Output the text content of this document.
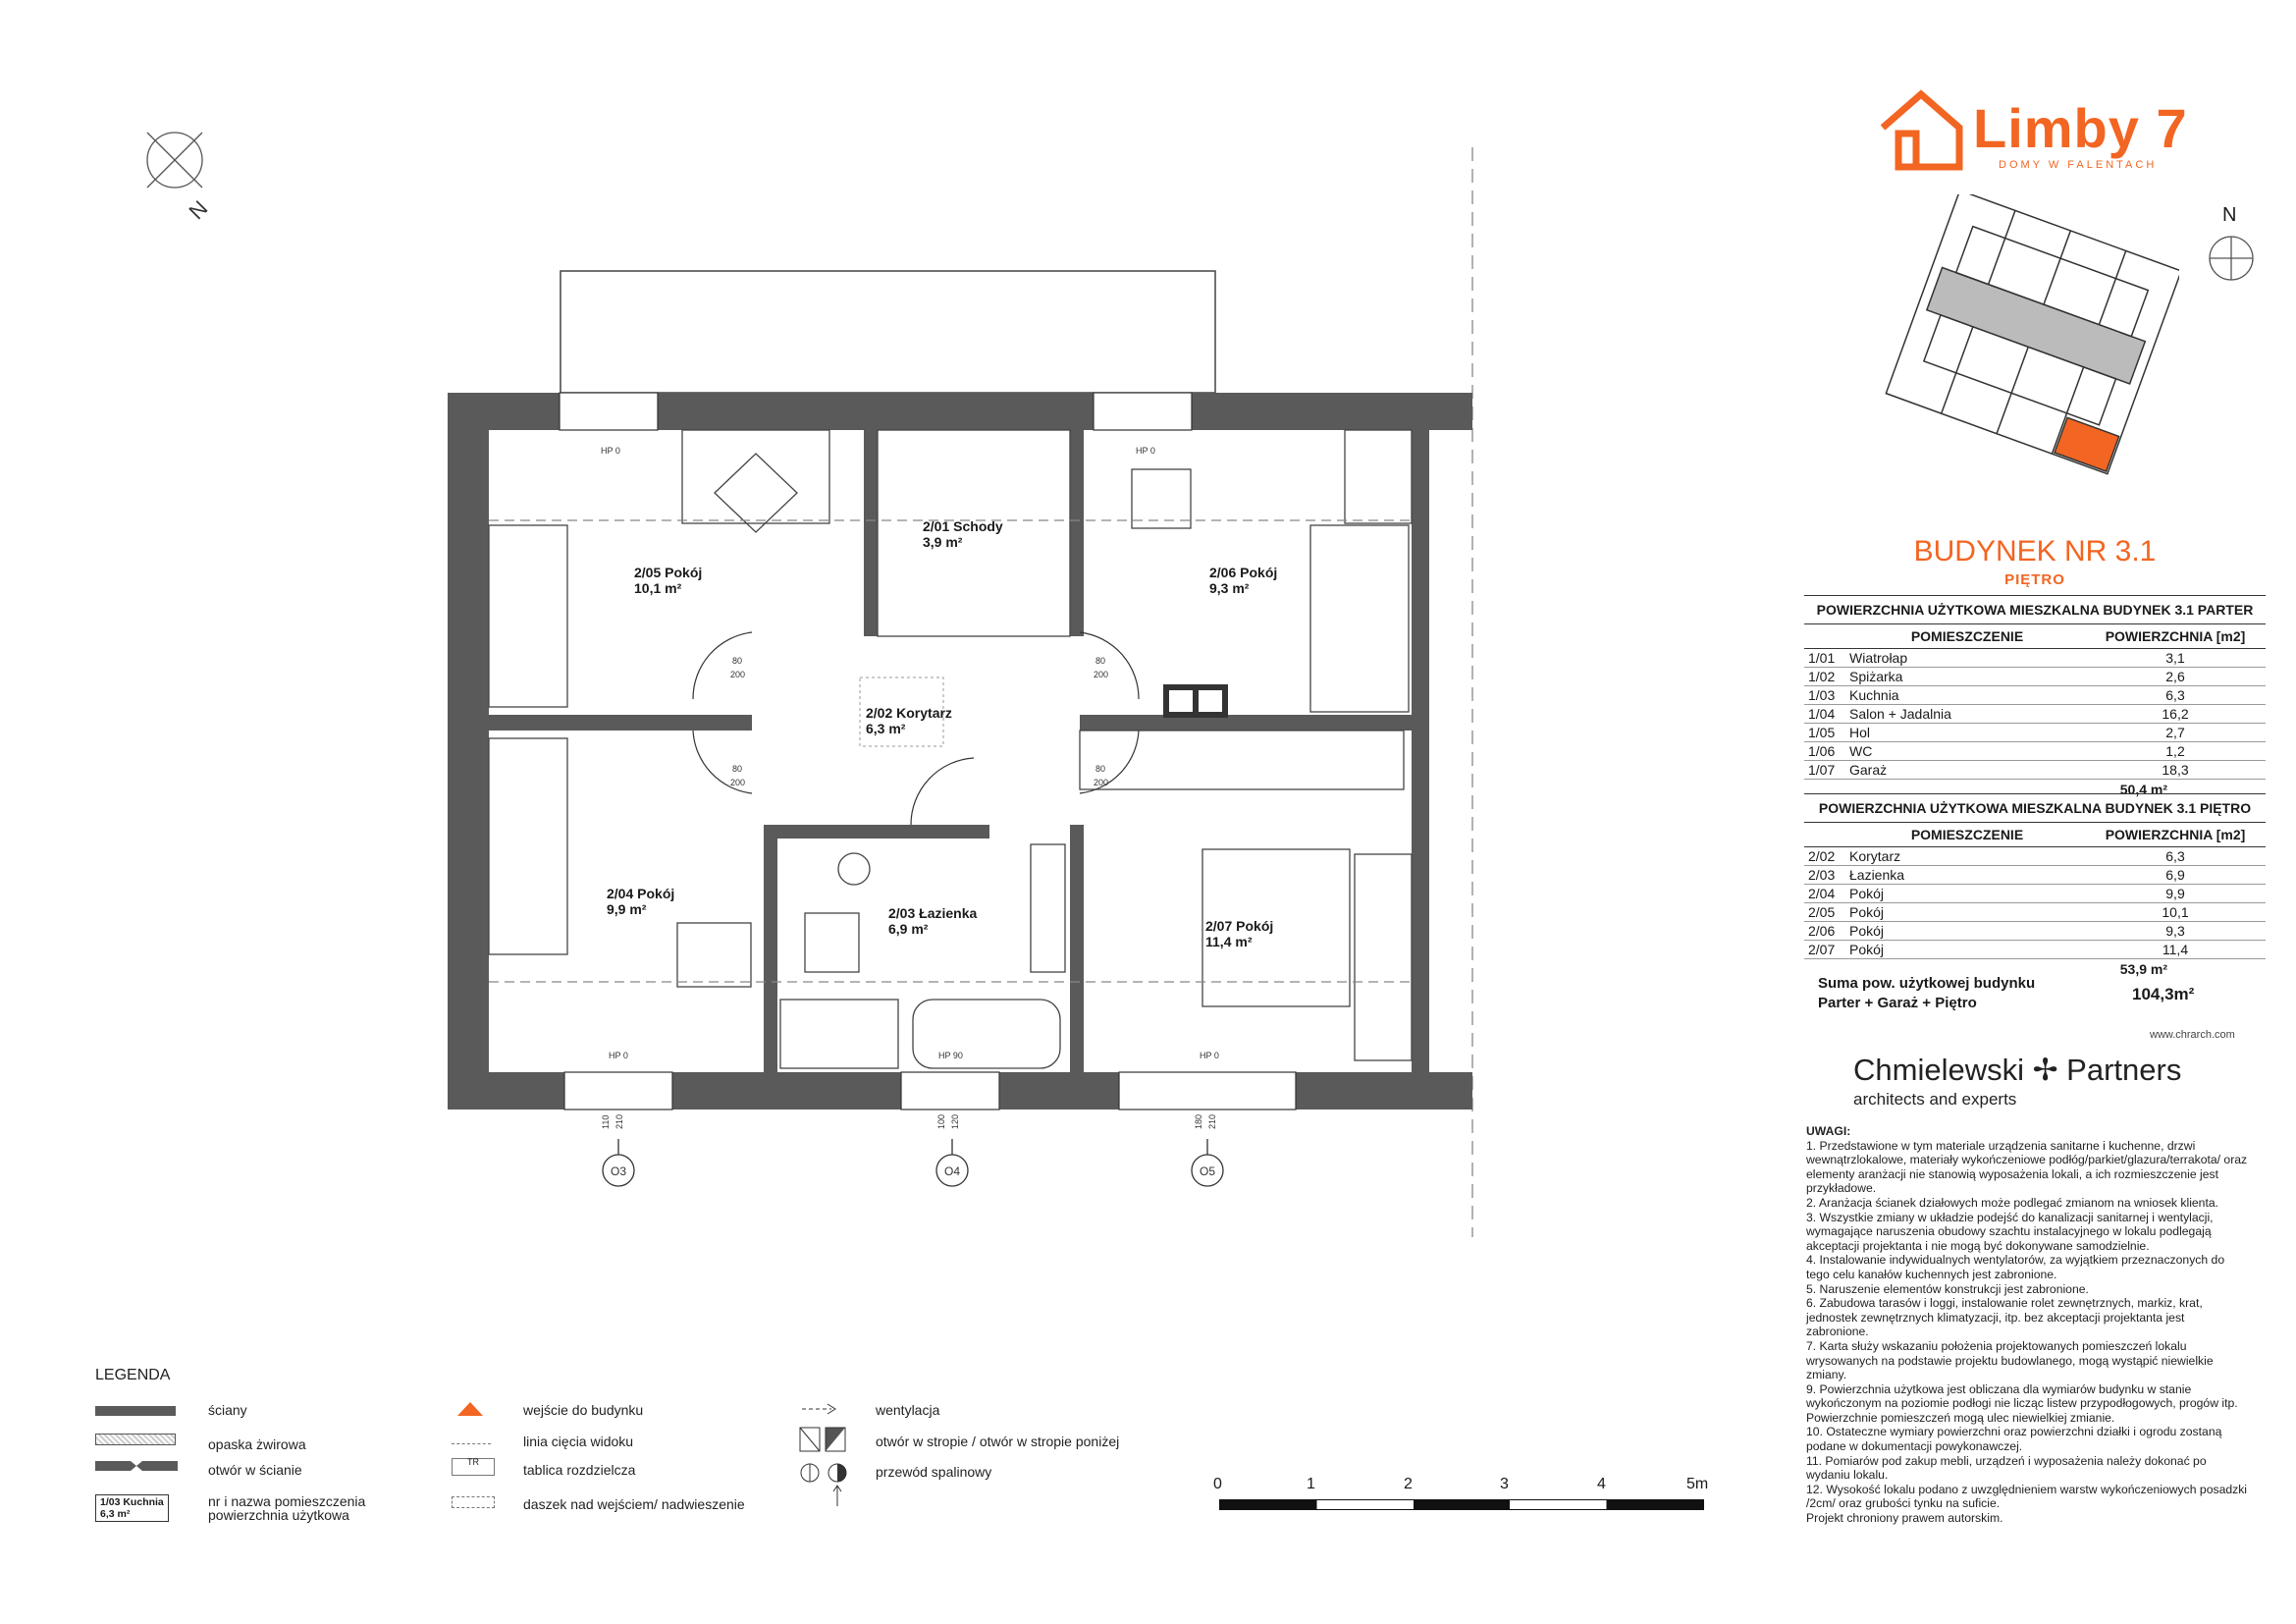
HP 0	HP 0
HP 0	HP 90	HP 0
80
200
80
200
80
200
80
200
110 210	100 120	180 210
O3	O4	O5
N
2/05 Pokój
10,1 m²
2/01 Schody
3,9 m²
2/06 Pokój
9,3 m²
2/02 Korytarz
6,3 m²
2/04 Pokój
9,9 m²	2/03 Łazienka
6,9 m²	2/07 Pokój
11,4 m²
Limby 7
DOMY W FALENTACH
N
BUDYNEK NR 3.1
PIĘTRO
POWIERZCHNIA UŻYTKOWA MIESZKALNA BUDYNEK 3.1 PARTER
POMIESZCZENIE	POWIERZCHNIA [m2]
1/01	Wiatrołap	3,1
1/02	Spiżarka	2,6
1/03	Kuchnia	6,3
1/04	Salon + Jadalnia	16,2
1/05	Hol	2,7
1/06	WC	1,2
1/07	Garaż	18,3
50,4 m²
POWIERZCHNIA UŻYTKOWA MIESZKALNA BUDYNEK 3.1 PIĘTRO
POMIESZCZENIE	POWIERZCHNIA [m2]
2/02	Korytarz	6,3
2/03	Łazienka	6,9
2/04	Pokój	9,9
2/05	Pokój	10,1
2/06	Pokój	9,3
2/07	Pokój	11,4
53,9 m²
Suma pow. użytkowej budynku
Parter + Garaż + Piętro	104,3m²
www.chrarch.com
Chmielewski ✢ Partners
architects and experts

UWAGI:

1. Przedstawione w tym materiale urządzenia sanitarne i kuchenne, drzwi wewnątrzlokalowe, materiały wykończeniowe podłóg/parkiet/glazura/terrakota/ oraz elementy aranżacji nie stanowią wyposażenia lokali, a ich rozmieszczenie jest przykładowe.

2. Aranżacja ścianek działowych może podlegać zmianom na wniosek klienta.

3. Wszystkie zmiany w układzie podejść do kanalizacji sanitarnej i wentylacji, wymagające naruszenia obudowy szachtu instalacyjnego w lokalu podlegają akceptacji projektanta i nie mogą być dokonywane samodzielnie.

4. Instalowanie indywidualnych wentylatorów, za wyjątkiem przeznaczonych do tego celu kanałów kuchennych jest zabronione.

5. Naruszenie elementów konstrukcji jest zabronione.

6. Zabudowa tarasów i loggi, instalowanie rolet zewnętrznych, markiz, krat, jednostek zewnętrznych klimatyzacji, itp. bez akceptacji projektanta jest zabronione.

7. Karta służy wskazaniu położenia projektowanych pomieszczeń lokalu wrysowanych na podstawie projektu budowlanego, mogą wystąpić niewielkie zmiany.

9. Powierzchnia użytkowa jest obliczana dla wymiarów budynku w stanie wykończonym na poziomie podłogi nie licząc listew przypodłogowych, progów itp. Powierzchnie pomieszczeń mogą ulec niewielkiej zmianie.

10. Ostateczne wymiary powierzchni oraz powierzchni działki i ogrodu zostaną podane w dokumentacji powykonawczej.

11. Pomiarów pod zakup mebli, urządzeń i wyposażenia należy dokonać po wydaniu lokalu.

12. Wysokość lokalu podano z uwzględnieniem warstw wykończeniowych posadzki /2cm/ oraz grubości tynku na suficie.

Projekt chroniony prawem autorskim.

LEGENDA
ściany
opaska żwirowa
otwór w ścianie
1/03 Kuchnia
6,3 m²
nr i nazwa pomieszczenia
powierzchnia użytkowa
wejście do budynku
linia cięcia widoku
TR	tablica rozdzielcza
daszek nad wejściem/ nadwieszenie
wentylacja
otwór w stropie / otwór w stropie poniżej
przewód spalinowy
0	1	2	3	4	5m
